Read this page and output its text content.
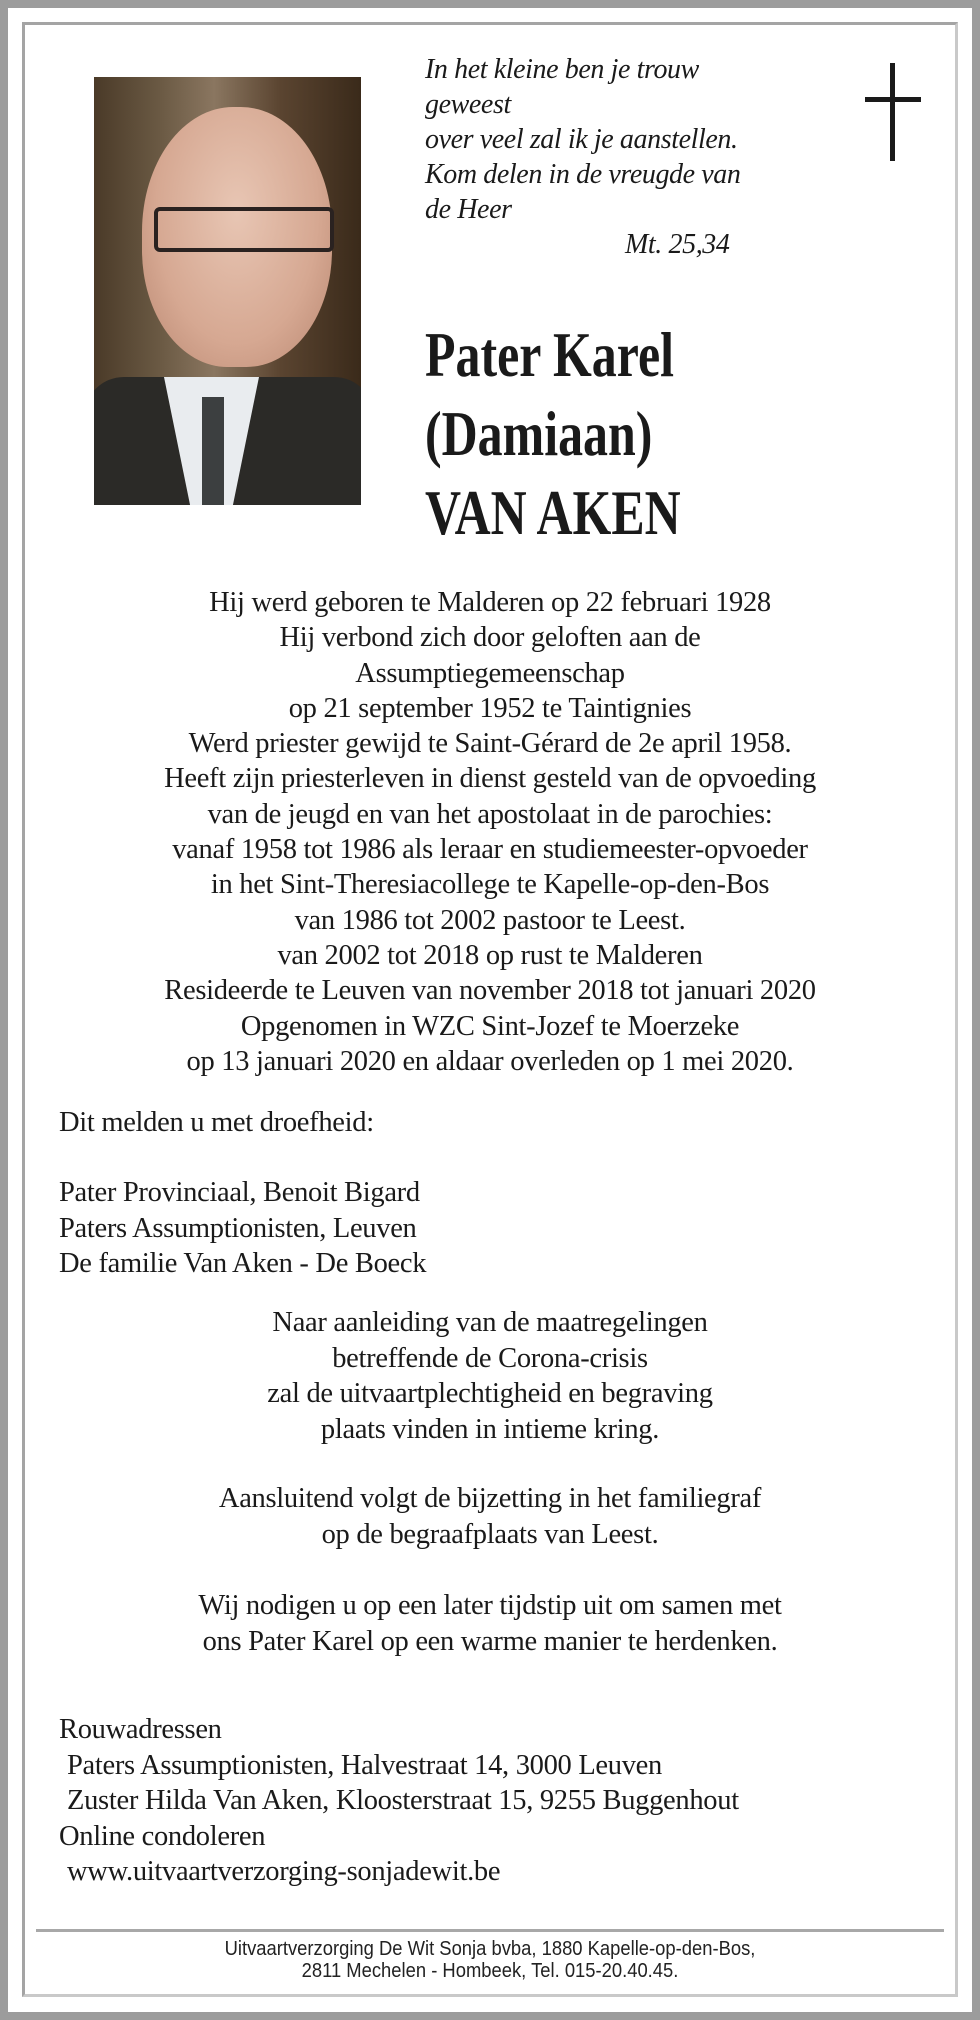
In het kleine ben je trouw
geweest
over veel zal ik je aanstellen.
Kom delen in de vreugde van
de Heer
Mt. 25,34
Pater Karel
(Damiaan)
VAN AKEN
Hij werd geboren te Malderen op 22 februari 1928
Hij verbond zich door geloften aan de
Assumptiegemeenschap
op 21 september 1952 te Taintignies
Werd priester gewijd te Saint-Gérard de 2e april 1958.
Heeft zijn priesterleven in dienst gesteld van de opvoeding
van de jeugd en van het apostolaat in de parochies:
vanaf 1958 tot 1986 als leraar en studiemeester-opvoeder
in het Sint-Theresiacollege te Kapelle-op-den-Bos
van 1986 tot 2002 pastoor te Leest.
van 2002 tot 2018 op rust te Malderen
Resideerde te Leuven van november 2018 tot januari 2020
Opgenomen in WZC Sint-Jozef te Moerzeke
op 13 januari 2020 en aldaar overleden op 1 mei 2020.
Dit melden u met droefheid:
Pater Provinciaal, Benoit Bigard
Paters Assumptionisten, Leuven
De familie Van Aken - De Boeck
Naar aanleiding van de maatregelingen
betreffende de Corona-crisis
zal de uitvaartplechtigheid en begraving
plaats vinden in intieme kring.
Aansluitend volgt de bijzetting in het familiegraf
op de begraafplaats van Leest.
Wij nodigen u op een later tijdstip uit om samen met
ons Pater Karel op een warme manier te herdenken.
Rouwadressen
Paters Assumptionisten, Halvestraat 14, 3000 Leuven
Zuster Hilda Van Aken, Kloosterstraat 15, 9255 Buggenhout
Online condoleren
www.uitvaartverzorging-sonjadewit.be
Uitvaartverzorging De Wit Sonja bvba, 1880 Kapelle-op-den-Bos,
2811 Mechelen - Hombeek, Tel. 015-20.40.45.
